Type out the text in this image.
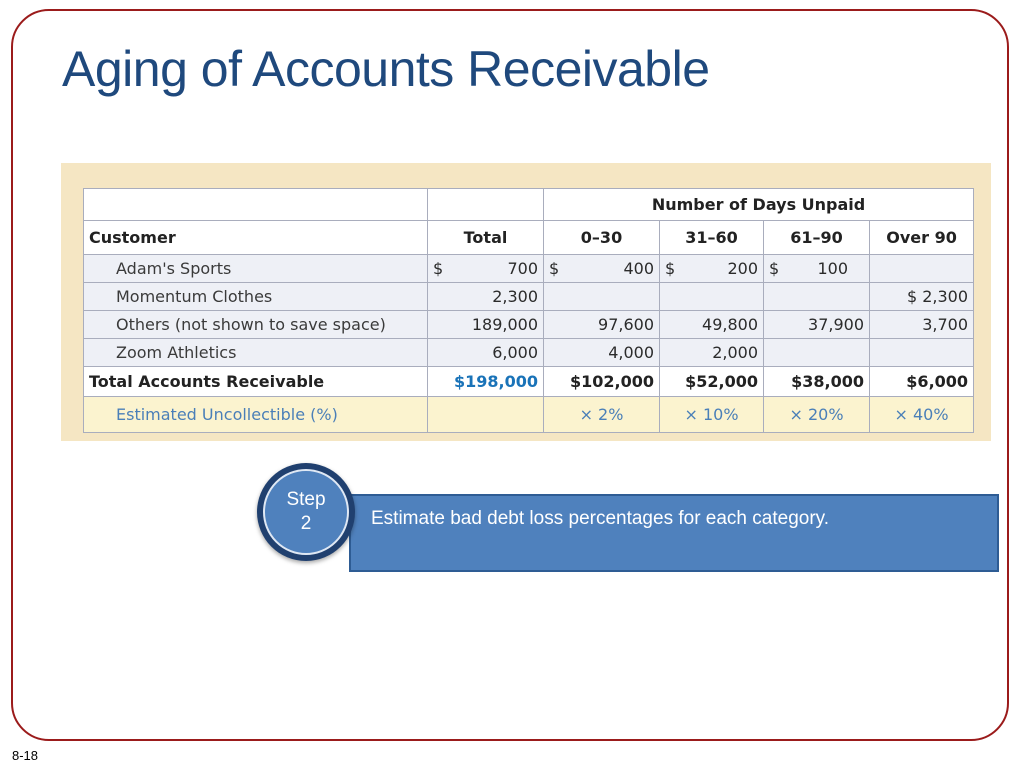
Aging of Accounts Receivable
		Number of Days Unpaid			
Customer	Total	0–30	31–60	61–90	Over 90
Adam's Sports	$ 700	$ 400	$ 200	$ 100	
Momentum Clothes	2,300				$ 2,300
Others (not shown to save space)	189,000	97,600	49,800	37,900	3,700
Zoom Athletics	6,000	4,000	2,000		
Total Accounts Receivable	$198,000	$102,000	$52,000	$38,000	$6,000
Estimated Uncollectible (%)		× 2%	× 10%	× 20%	× 40%
Estimate bad debt loss percentages for each category.
Step
2
8-18
